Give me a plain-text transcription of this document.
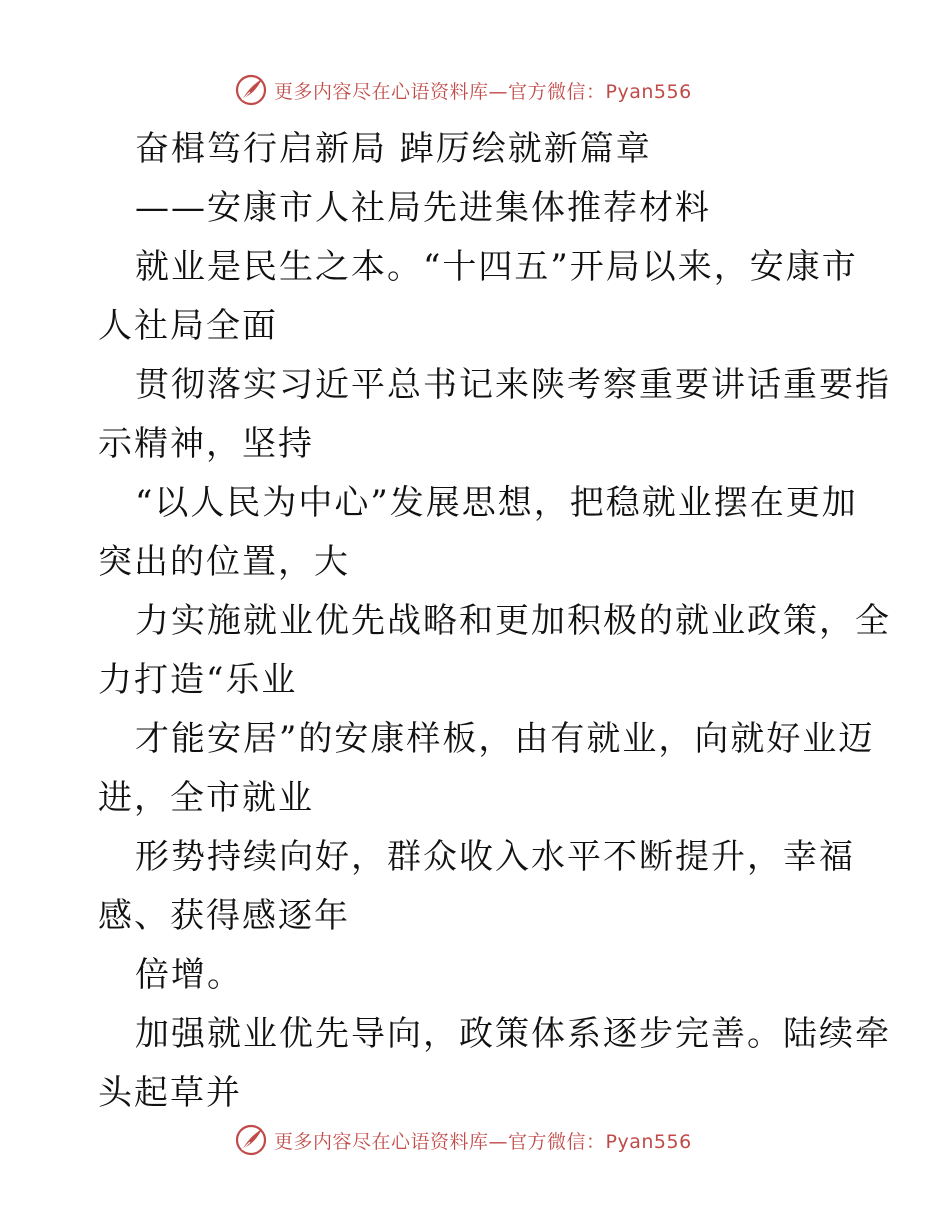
更多内容尽在心语资料库—官方微信：Pyan556
奋楫笃行启新局 踔厉绘就新篇章
——安康市人社局先进集体推荐材料
就业是民生之本。“十四五”开局以来，安康市
人社局全面
贯彻落实习近平总书记来陕考察重要讲话重要指
示精神，坚持
“以人民为中心”发展思想，把稳就业摆在更加
突出的位置，大
力实施就业优先战略和更加积极的就业政策，全
力打造“乐业
才能安居”的安康样板，由有就业，向就好业迈
进，全市就业
形势持续向好，群众收入水平不断提升，幸福
感、获得感逐年
倍增。
加强就业优先导向，政策体系逐步完善。陆续牵
头起草并
更多内容尽在心语资料库—官方微信：Pyan556
